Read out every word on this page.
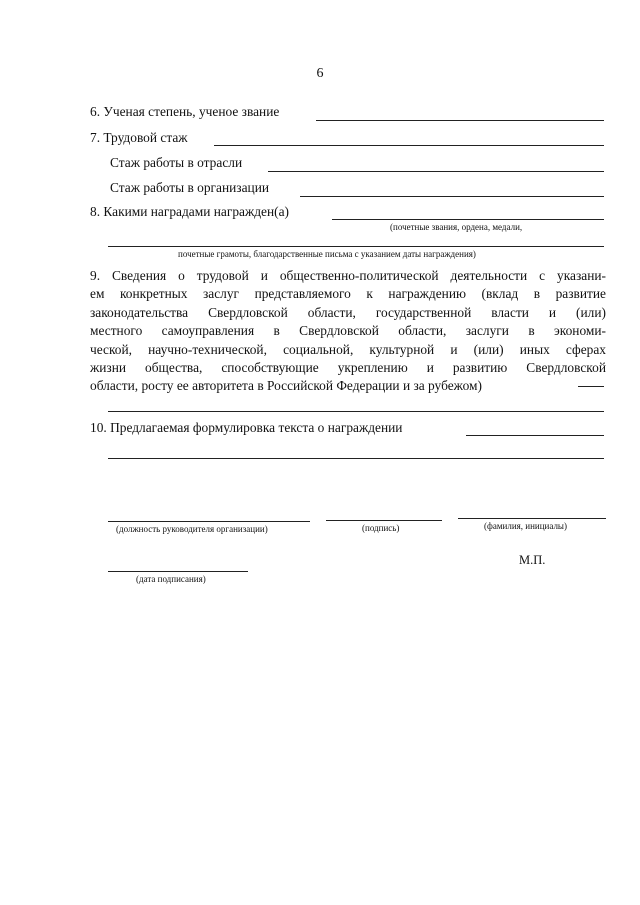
6
6. Ученая степень, ученое звание
7. Трудовой стаж
Стаж работы в отрасли
Стаж работы в организации
8. Какими наградами награжден(а)
(почетные звания, ордена, медали,
почетные грамоты, благодарственные письма с указанием даты награждения)

9. Сведения о трудовой и общественно-политической деятельности с указани-
ем конкретных заслуг представляемого к награждению (вклад в развитие
законодательства Свердловской области, государственной власти и (или)
местного самоуправления в Свердловской области, заслуги в экономи-
ческой, научно-технической, социальной, культурной и (или) иных сферах
жизни общества, способствующие укреплению и развитию Свердловской
области, росту ее авторитета в Российской Федерации и за рубежом)

10. Предлагаемая формулировка текста о награждении
(должность руководителя организации)	(подпись)	(фамилия, инициалы)
М.П.
(дата подписания)
